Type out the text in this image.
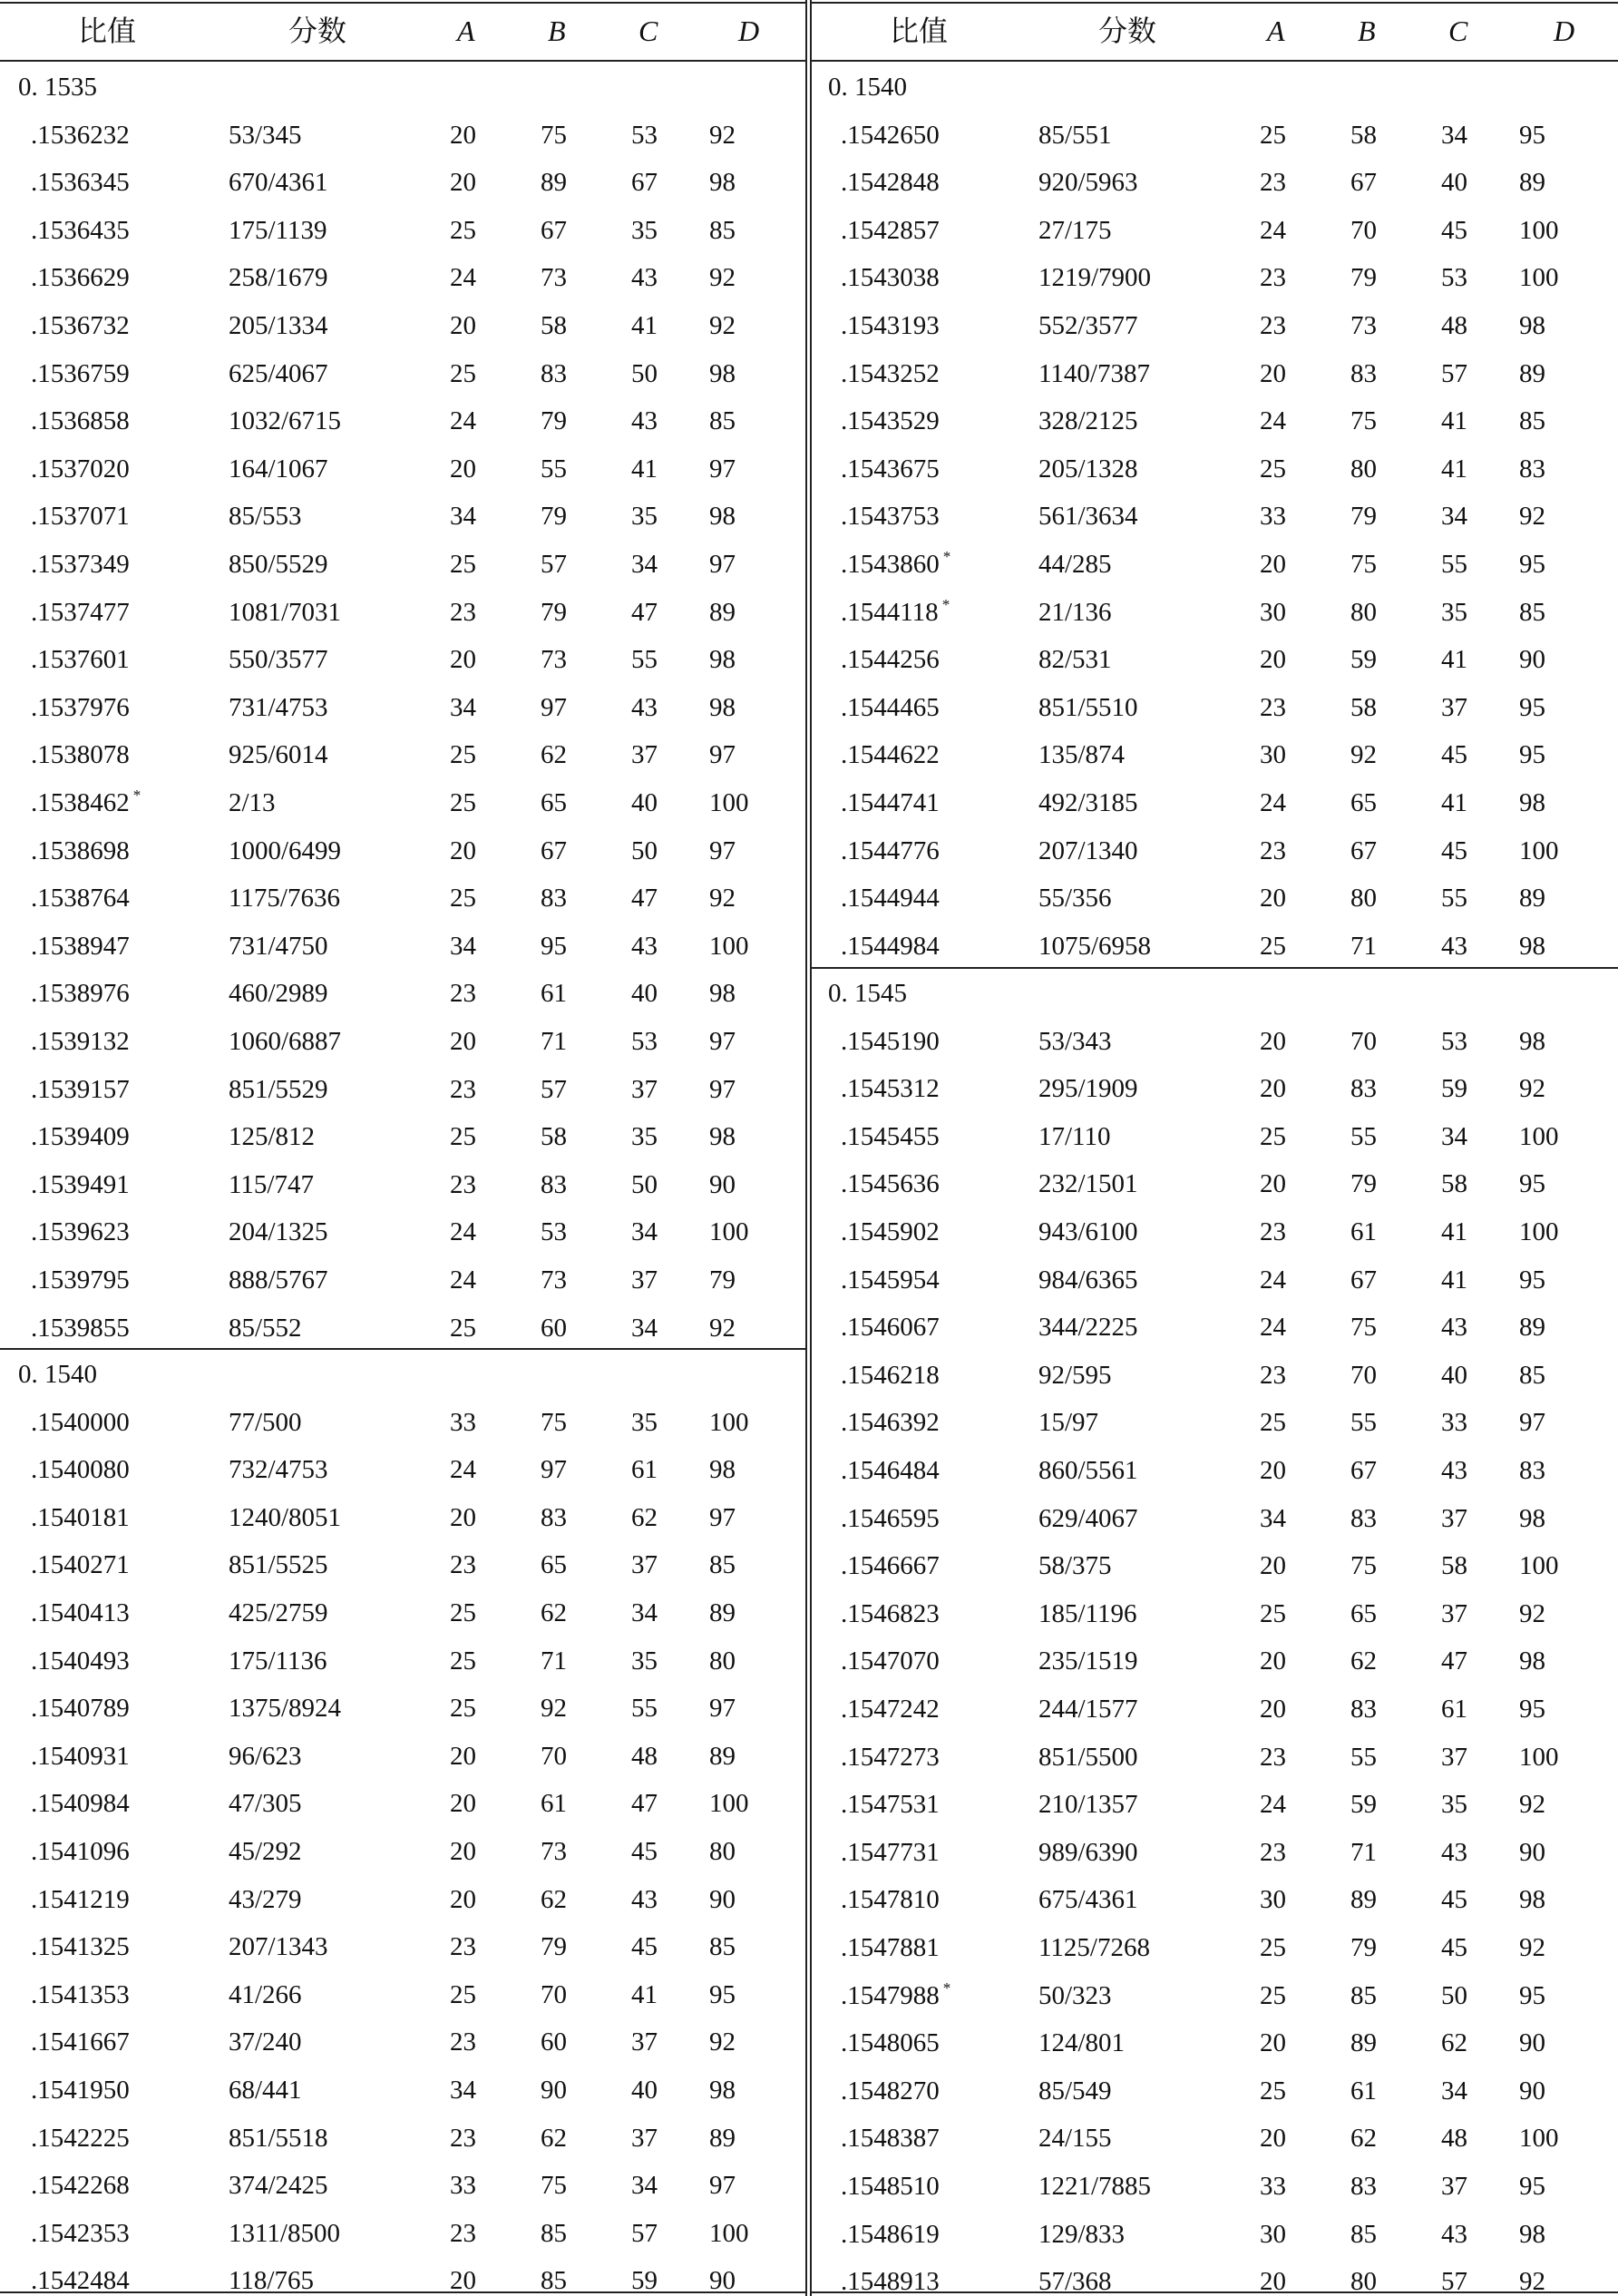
比值	分数	A	B	C	D
0. 1535
.1536232	53/345	20 75 53 92
.1536345	670/4361	20 89 67 98
.1536435	175/1139	25 67 35 85
.1536629	258/1679	24 73 43 92
.1536732	205/1334	20 58 41 92
.1536759	625/4067	25 83 50 98
.1536858	1032/6715	24 79 43 85
.1537020	164/1067	20 55 41 97
.1537071	85/553	34 79 35 98
.1537349	850/5529	25 57 34 97
.1537477	1081/7031	23 79 47 89
.1537601	550/3577	20 73 55 98
.1537976	731/4753	34 97 43 98
.1538078	925/6014	25 62 37 97
.1538462 *	2/13	25 65 40 100
.1538698	1000/6499	20 67 50 97
.1538764	1175/7636	25 83 47 92
.1538947	731/4750	34 95 43 100
.1538976	460/2989	23 61 40 98
.1539132	1060/6887	20 71 53 97
.1539157	851/5529	23 57 37 97
.1539409	125/812	25 58 35 98
.1539491	115/747	23 83 50 90
.1539623	204/1325	24 53 34 100
.1539795	888/5767	24 73 37 79
.1539855	85/552	25 60 34 92
0. 1540
.1540000	77/500	33 75 35 100
.1540080	732/4753	24 97 61 98
.1540181	1240/8051	20 83 62 97
.1540271	851/5525	23 65 37 85
.1540413	425/2759	25 62 34 89
.1540493	175/1136	25 71 35 80
.1540789	1375/8924	25 92 55 97
.1540931	96/623	20 70 48 89
.1540984	47/305	20 61 47 100
.1541096	45/292	20 73 45 80
.1541219	43/279	20 62 43 90
.1541325	207/1343	23 79 45 85
.1541353	41/266	25 70 41 95
.1541667	37/240	23 60 37 92
.1541950	68/441	34 90 40 98
.1542225	851/5518	23 62 37 89
.1542268	374/2425	33 75 34 97
.1542353	1311/8500	23 85 57 100
.1542484	118/765	20 85 59 90
比值	分数	A	B	C	D
0. 1540
.1542650	85/551	25 58 34 95
.1542848	920/5963	23 67 40 89
.1542857	27/175	24 70 45 100
.1543038	1219/7900	23 79 53 100
.1543193	552/3577	23 73 48 98
.1543252	1140/7387	20 83 57 89
.1543529	328/2125	24 75 41 85
.1543675	205/1328	25 80 41 83
.1543753	561/3634	33 79 34 92
.1543860 *	44/285	20 75 55 95
.1544118 *	21/136	30 80 35 85
.1544256	82/531	20 59 41 90
.1544465	851/5510	23 58 37 95
.1544622	135/874	30 92 45 95
.1544741	492/3185	24 65 41 98
.1544776	207/1340	23 67 45 100
.1544944	55/356	20 80 55 89
.1544984	1075/6958	25 71 43 98
0. 1545
.1545190	53/343	20 70 53 98
.1545312	295/1909	20 83 59 92
.1545455	17/110	25 55 34 100
.1545636	232/1501	20 79 58 95
.1545902	943/6100	23 61 41 100
.1545954	984/6365	24 67 41 95
.1546067	344/2225	24 75 43 89
.1546218	92/595	23 70 40 85
.1546392	15/97	25 55 33 97
.1546484	860/5561	20 67 43 83
.1546595	629/4067	34 83 37 98
.1546667	58/375	20 75 58 100
.1546823	185/1196	25 65 37 92
.1547070	235/1519	20 62 47 98
.1547242	244/1577	20 83 61 95
.1547273	851/5500	23 55 37 100
.1547531	210/1357	24 59 35 92
.1547731	989/6390	23 71 43 90
.1547810	675/4361	30 89 45 98
.1547881	1125/7268	25 79 45 92
.1547988 *	50/323	25 85 50 95
.1548065	124/801	20 89 62 90
.1548270	85/549	25 61 34 90
.1548387	24/155	20 62 48 100
.1548510	1221/7885	33 83 37 95
.1548619	129/833	30 85 43 98
.1548913	57/368	20 80 57 92
